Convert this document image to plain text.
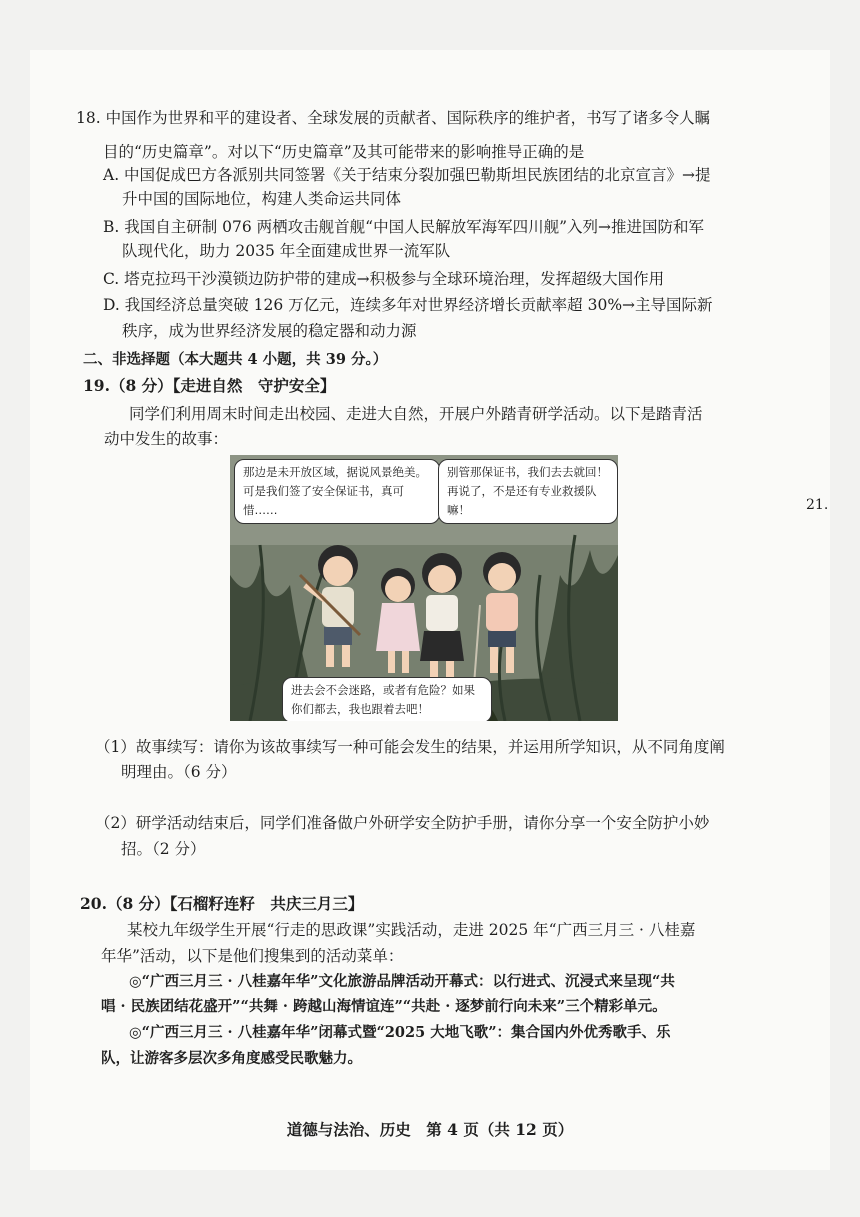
18. 中国作为世界和平的建设者、全球发展的贡献者、国际秩序的维护者，书写了诸多令人瞩
目的“历史篇章”。对以下“历史篇章”及其可能带来的影响推导正确的是
A. 中国促成巴方各派别共同签署《关于结束分裂加强巴勒斯坦民族团结的北京宣言》→提
升中国的国际地位，构建人类命运共同体
B. 我国自主研制 076 两栖攻击舰首舰“中国人民解放军海军四川舰”入列→推进国防和军
队现代化，助力 2035 年全面建成世界一流军队
C. 塔克拉玛干沙漠锁边防护带的建成→积极参与全球环境治理，发挥超级大国作用
D. 我国经济总量突破 126 万亿元，连续多年对世界经济增长贡献率超 30%→主导国际新
秩序，成为世界经济发展的稳定器和动力源
二、非选择题（本大题共 4 小题，共 39 分。）
19.（8 分）【走进自然　守护安全】
同学们利用周末时间走出校园、走进大自然，开展户外踏青研学活动。以下是踏青活
动中发生的故事：
21.
那边是未开放区域，据说风景绝美。可是我们签了安全保证书，真可惜……
别管那保证书，我们去去就回！再说了，不是还有专业救援队嘛！
进去会不会迷路，或者有危险？如果你们都去，我也跟着去吧！
（1）故事续写：请你为该故事续写一种可能会发生的结果，并运用所学知识，从不同角度阐
明理由。（6 分）
（2）研学活动结束后，同学们准备做户外研学安全防护手册，请你分享一个安全防护小妙
招。（2 分）
20.（8 分）【石榴籽连籽　共庆三月三】
某校九年级学生开展“行走的思政课”实践活动，走进 2025 年“广西三月三 · 八桂嘉
年华”活动，以下是他们搜集到的活动菜单：
◎“广西三月三 · 八桂嘉年华”文化旅游品牌活动开幕式：以行进式、沉浸式来呈现“共
唱 · 民族团结花盛开”“共舞 · 跨越山海情谊连”“共赴 · 逐梦前行向未来”三个精彩单元。
◎“广西三月三 · 八桂嘉年华”闭幕式暨“2025 大地飞歌”：集合国内外优秀歌手、乐
队，让游客多层次多角度感受民歌魅力。
道德与法治、历史　第 4 页（共 12 页）
